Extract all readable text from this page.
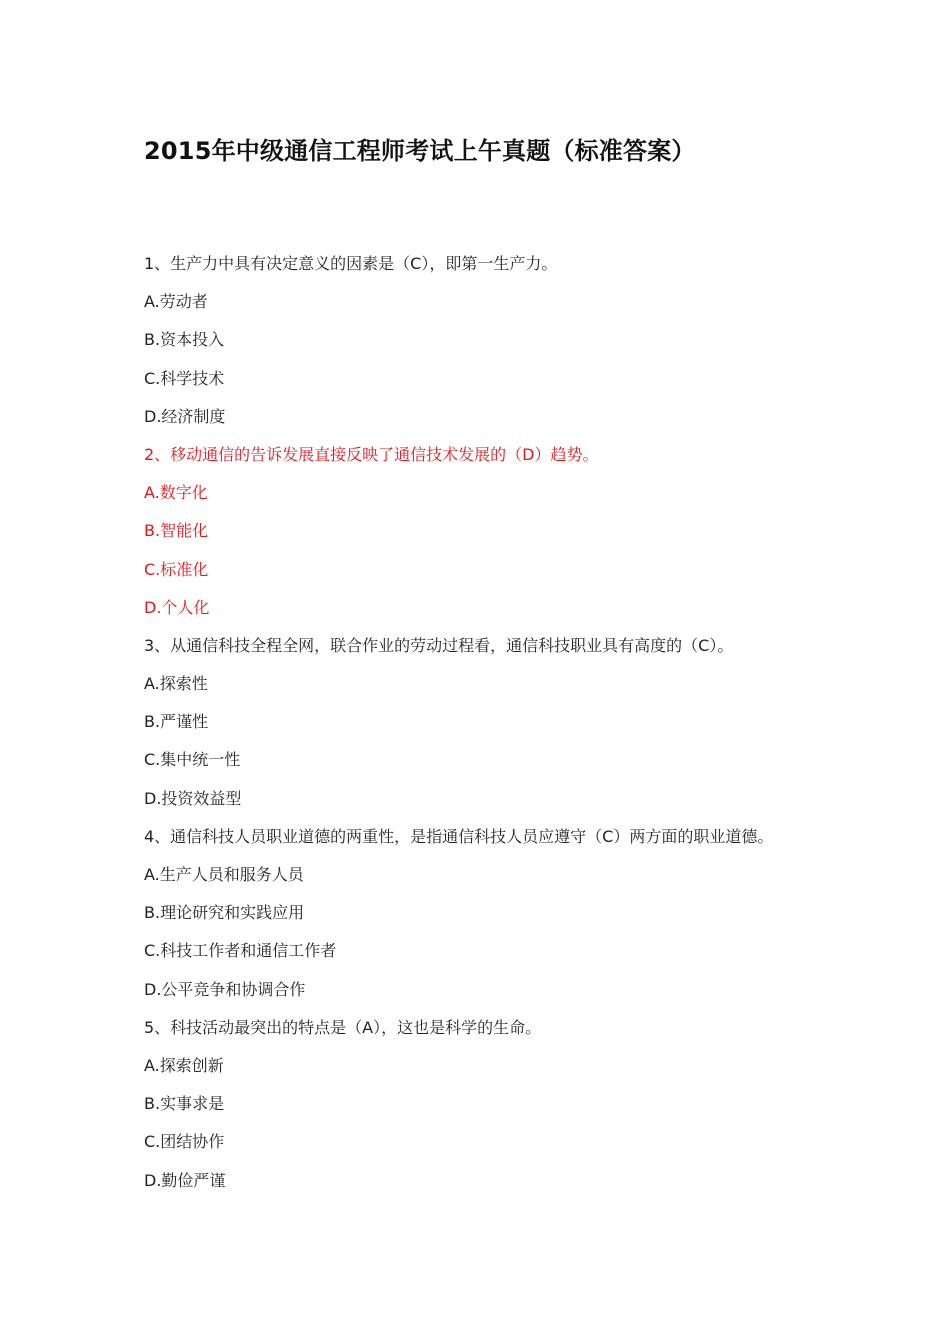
2015年中级通信工程师考试上午真题（标准答案）
1、生产力中具有决定意义的因素是（C），即第一生产力。
A.劳动者
B.资本投入
C.科学技术
D.经济制度
2、移动通信的告诉发展直接反映了通信技术发展的（D）趋势。
A.数字化
B.智能化
C.标准化
D.个人化
3、从通信科技全程全网，联合作业的劳动过程看，通信科技职业具有高度的（C）。
A.探索性
B.严谨性
C.集中统一性
D.投资效益型
4、通信科技人员职业道德的两重性，是指通信科技人员应遵守（C）两方面的职业道德。
A.生产人员和服务人员
B.理论研究和实践应用
C.科技工作者和通信工作者
D.公平竞争和协调合作
5、科技活动最突出的特点是（A），这也是科学的生命。
A.探索创新
B.实事求是
C.团结协作
D.勤俭严谨
